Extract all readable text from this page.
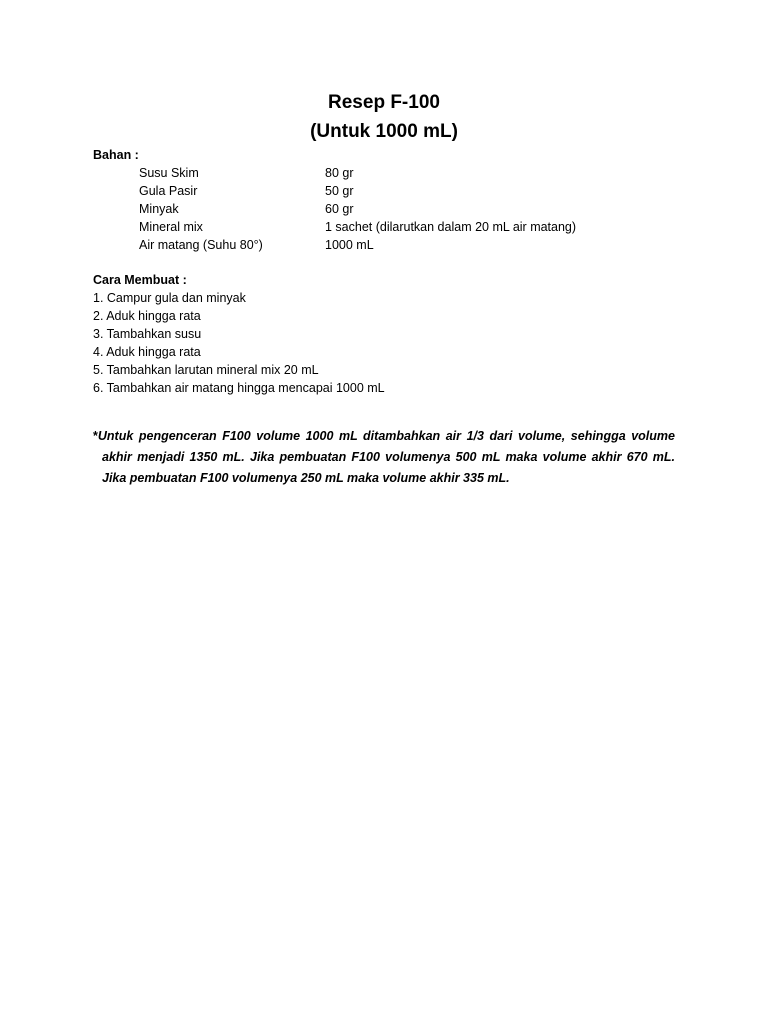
Resep F-100
(Untuk 1000 mL)
Bahan :
Susu Skim	80 gr
Gula Pasir	50 gr
Minyak	60 gr
Mineral mix	1 sachet (dilarutkan dalam 20 mL air matang)
Air matang (Suhu 80°)	1000 mL
Cara Membuat :
1. Campur gula dan minyak
2. Aduk hingga rata
3. Tambahkan susu
4. Aduk hingga rata
5. Tambahkan larutan mineral mix 20 mL
6. Tambahkan air matang hingga mencapai 1000 mL
*Untuk pengenceran F100 volume 1000 mL ditambahkan air 1/3 dari volume, sehingga volume akhir menjadi 1350 mL. Jika pembuatan F100 volumenya 500 mL maka volume akhir 670 mL. Jika pembuatan F100 volumenya 250 mL maka volume akhir 335 mL.
